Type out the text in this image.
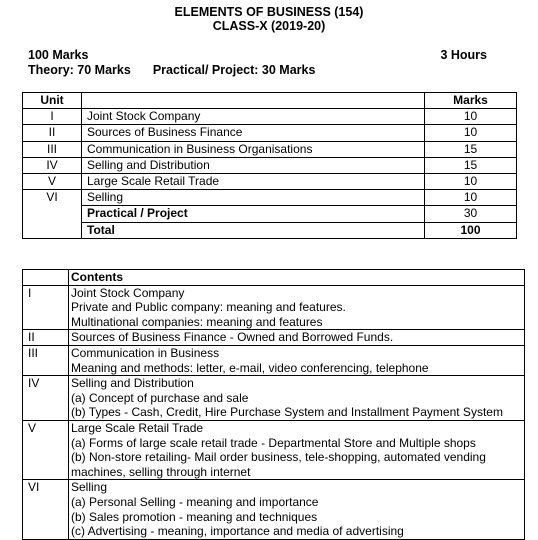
ELEMENTS OF BUSINESS (154)
CLASS-X (2019-20)
100 Marks	3 Hours
Theory: 70 Marks Practical/ Project: 30 Marks
Unit		Marks
I	Joint Stock Company	10
II	Sources of Business Finance	10
III	Communication in Business Organisations	15
IV	Selling and Distribution	15
V	Large Scale Retail Trade	10
VI	Selling	10
	Practical / Project	30
	Total	100
	Contents
I	Joint Stock Company
Private and Public company: meaning and features.
Multinational companies: meaning and features

II	Sources of Business Finance - Owned and Borrowed Funds.

III	Communication in Business
Meaning and methods: letter, e-mail, video conferencing, telephone

IV	Selling and Distribution
(a) Concept of purchase and sale
(b) Types - Cash, Credit, Hire Purchase System and Installment Payment System

V	Large Scale Retail Trade
(a) Forms of large scale retail trade - Departmental Store and Multiple shops
(b) Non-store retailing- Mail order business, tele-shopping, automated vending
machines, selling through internet

VI	Selling
(a) Personal Selling - meaning and importance
(b) Sales promotion - meaning and techniques
(c) Advertising - meaning, importance and media of advertising
